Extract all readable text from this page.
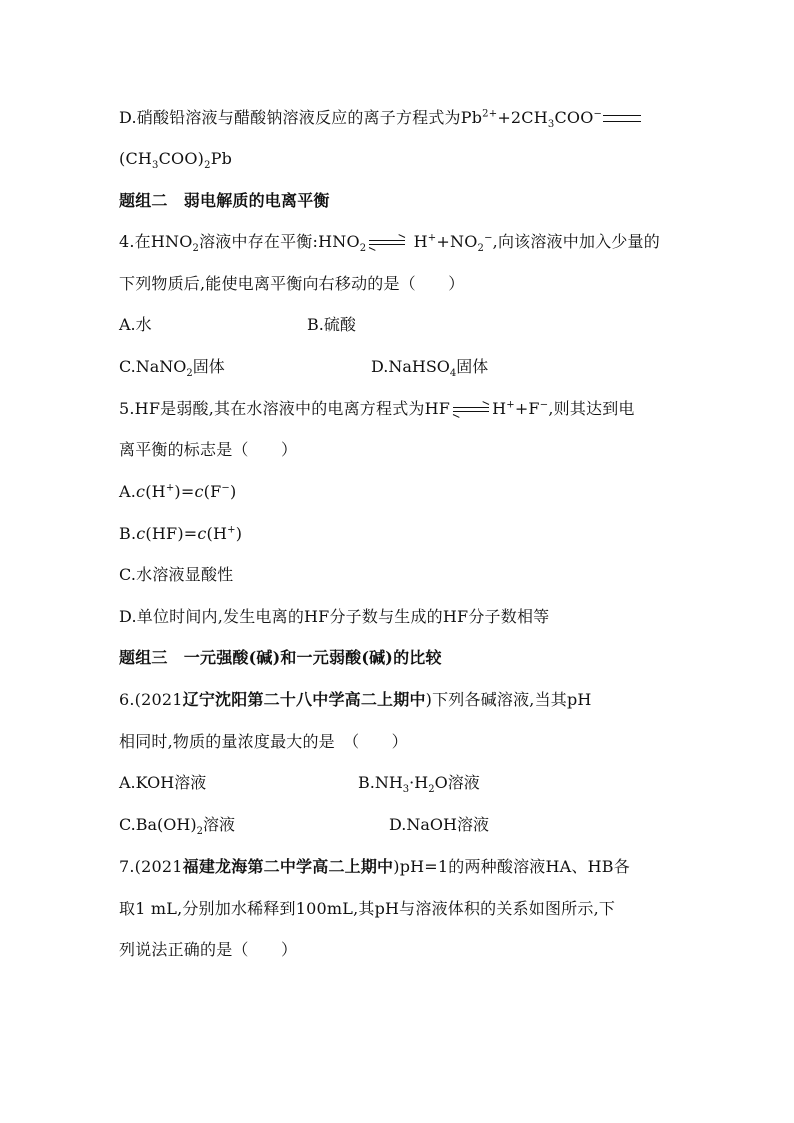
D.硝酸铅溶液与醋酸钠溶液反应的离子方程式为$Pb^{2+}+2CH_3COO^-$
$(CH_3COO)_2Pb$
题组二　弱电解质的电离平衡
4.在$HNO_2$溶液中存在平衡$:HNO_2$	$H^++NO_2^-$,向该溶液中加入少量的
下列物质后,能使电离平衡向右移动的是（　　）
A.水	B.硫酸
C.NaNO$_2$固体	D.NaHSO$_4$固体
5.HF是弱酸,其在水溶液中的电离方程式为HF	H++F−,则其达到电
离平衡的标志是（　　）
A.c(H+)=c(F−)
B.c(HF)=c(H+)
C.水溶液显酸性
D.单位时间内,发生电离的HF分子数与生成的HF分子数相等
题组三　一元强酸(碱)和一元弱酸(碱)的比较
6.(2021辽宁沈阳第二十八中学高二上期中)下列各碱溶液,当其pH
相同时,物质的量浓度最大的是　（　　）
A.KOH溶液	$B.NH_3\cdot H_2O$溶液
$C.Ba(OH)_2$溶液	D.NaOH溶液
7.(2021福建龙海第二中学高二上期中)pH=1的两种酸溶液HA、HB各
取1 mL,分别加水稀释到100mL,其pH与溶液体积的关系如图所示,下
列说法正确的是（　　）
